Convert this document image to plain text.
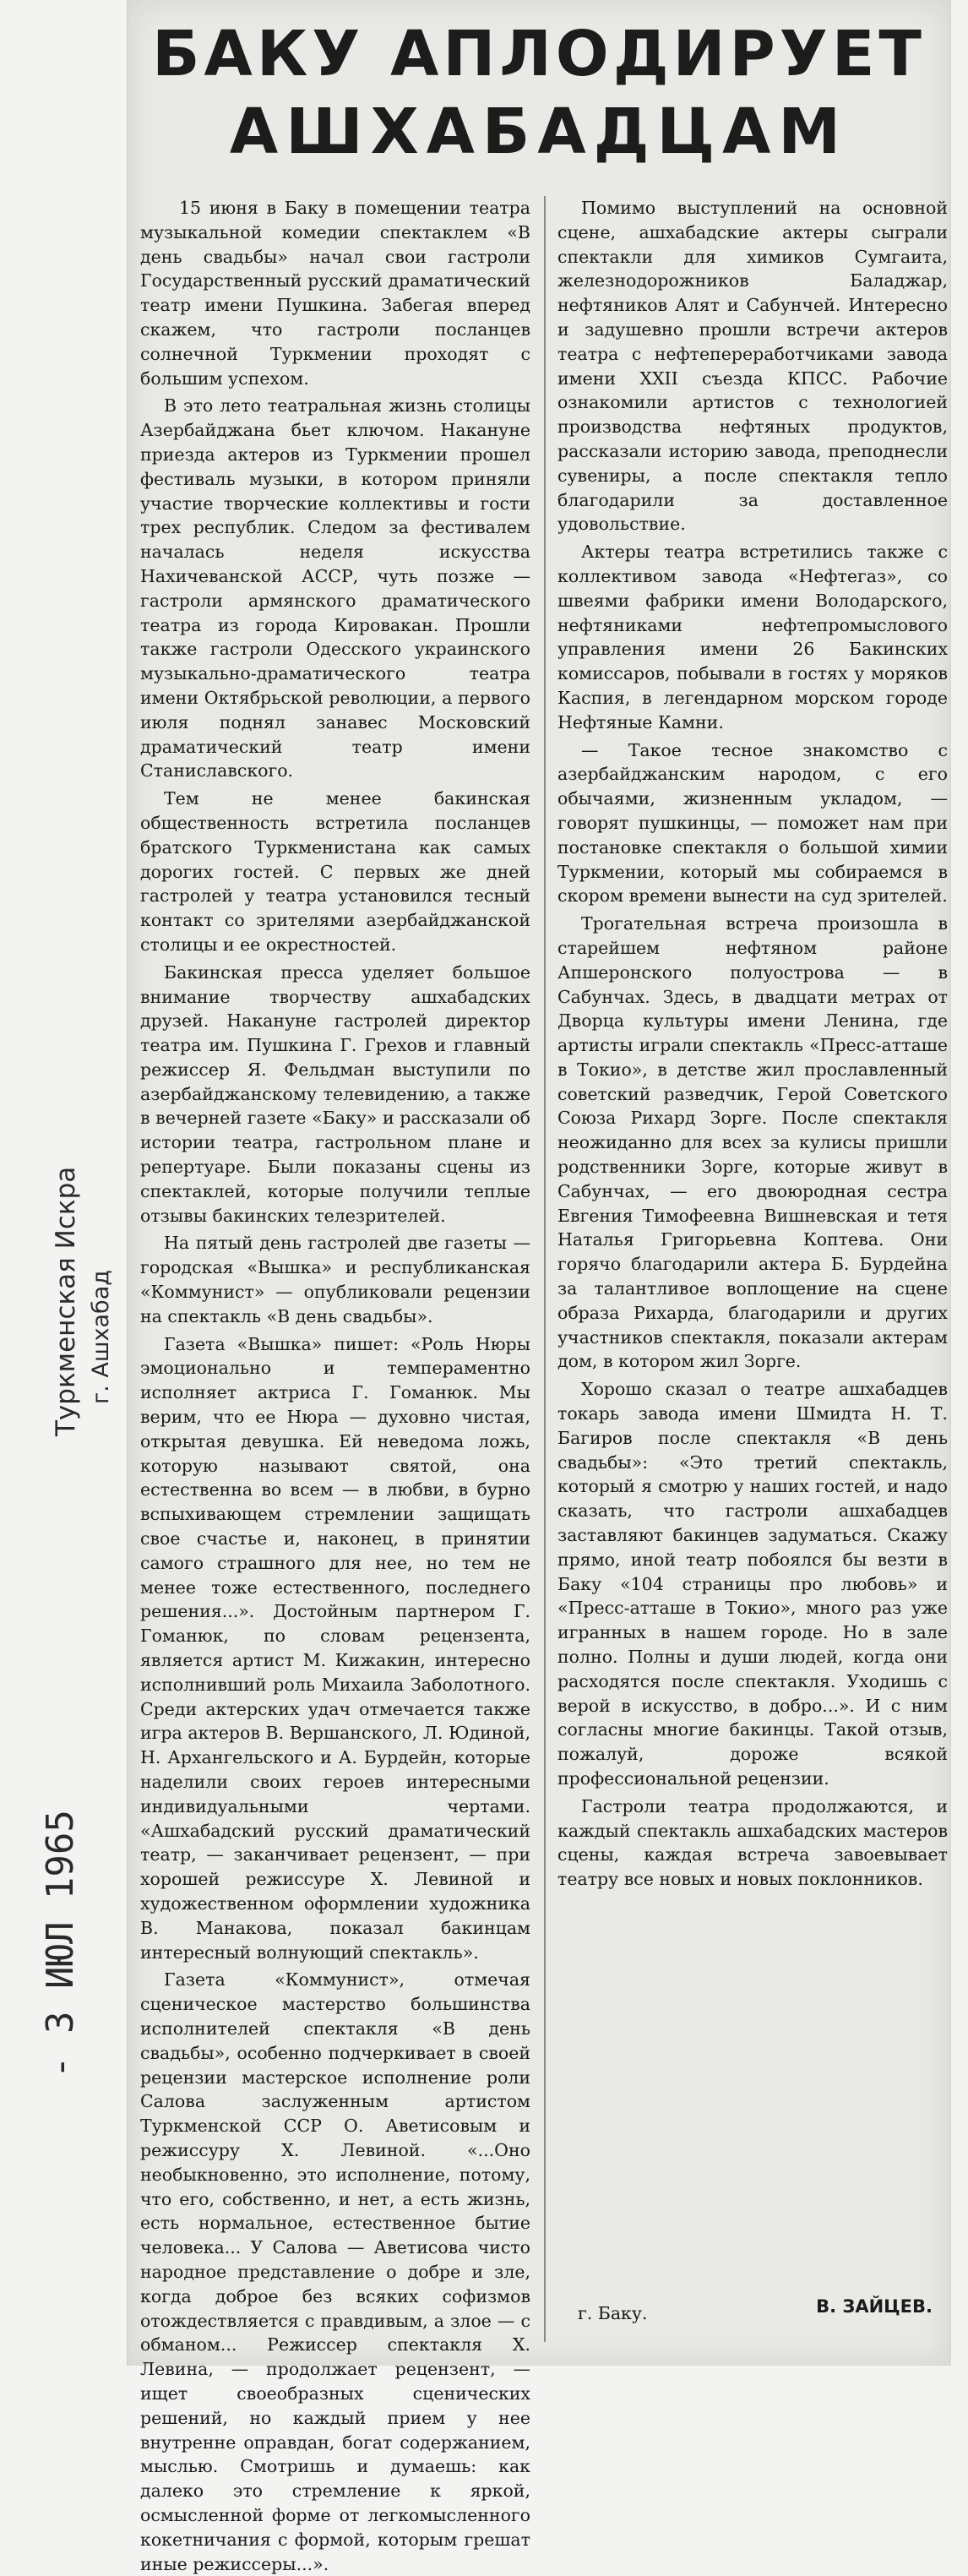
БАКУ АПЛОДИРУЕТ
АШХАБАДЦАМ

15 июня в Баку в помещении театра музыкальной комедии спектаклем «В день свадьбы» начал свои гастроли Государственный русский драматический театр имени Пушкина. Забегая вперед скажем, что гастроли посланцев солнечной Туркмении проходят с большим успехом.

В это лето театральная жизнь столицы Азербайджана бьет ключом. Накануне приезда актеров из Туркмении прошел фестиваль музыки, в котором приняли участие творческие коллективы и гости трех республик. Следом за фестивалем началась неделя искусства Нахичеванской АССР, чуть позже — гастроли армянского драматического театра из города Кировакан. Прошли также гастроли Одесского украинского музыкально-драматического театра имени Октябрьской революции, а первого июля поднял занавес Московский драматический театр имени Станиславского.

Тем не менее бакинская общественность встретила посланцев братского Туркменистана как самых дорогих гостей. С первых же дней гастролей у театра установился тесный контакт со зрителями азербайджанской столицы и ее окрестностей.

Бакинская пресса уделяет большое внимание творчеству ашхабадских друзей. Накануне гастролей директор театра им. Пушкина Г. Грехов и главный режиссер Я. Фельдман выступили по азербайджанскому телевидению, а также в вечерней газете «Баку» и рассказали об истории театра, гастрольном плане и репертуаре. Были показаны сцены из спектаклей, которые получили теплые отзывы бакинских телезрителей.

На пятый день гастролей две газеты — городская «Вышка» и республиканская «Коммунист» — опубликовали рецензии на спектакль «В день свадьбы».

Газета «Вышка» пишет: «Роль Нюры эмоционально и темпераментно исполняет актриса Г. Гоманюк. Мы верим, что ее Нюра — духовно чистая, открытая девушка. Ей неведома ложь, которую называют святой, она естественна во всем — в любви, в бурно вспыхивающем стремлении защищать свое счастье и, наконец, в принятии самого страшного для нее, но тем не менее тоже естественного, последнего решения...». Достойным партнером Г. Гоманюк, по словам рецензента, является артист М. Кижакин, интересно исполнивший роль Михаила Заболотного. Среди актерских удач отмечается также игра актеров В. Вершанского, Л. Юдиной, Н. Архангельского и А. Бурдейн, которые наделили своих героев интересными индивидуальными чертами. «Ашхабадский русский драматический театр, — заканчивает рецензент, — при хорошей режиссуре Х. Левиной и художественном оформлении художника В. Манакова, показал бакинцам интересный волнующий спектакль».

Газета «Коммунист», отмечая сценическое мастерство большинства исполнителей спектакля «В день свадьбы», особенно подчеркивает в своей рецензии мастерское исполнение роли Салова заслуженным артистом Туркменской ССР О. Аветисовым и режиссуру Х. Левиной. «...Оно необыкновенно, это исполнение, потому, что его, собственно, и нет, а есть жизнь, есть нормальное, естественное бытие человека... У Салова — Аветисова чисто народное представление о добре и зле, когда доброе без всяких софизмов отождествляется с правдивым, а злое — с обманом... Режиссер спектакля Х. Левина, — продолжает рецензент, — ищет своеобразных сценических решений, но каждый прием у нее внутренне оправдан, богат содержанием, мыслью. Смотришь и думаешь: как далеко это стремление к яркой, осмысленной форме от легкомысленного кокетничания с формой, которым грешат иные режиссеры...».

Помимо выступлений на основной сцене, ашхабадские актеры сыграли спектакли для химиков Сумгаита, железнодорожников Баладжар, нефтяников Алят и Сабунчей. Интересно и задушевно прошли встречи актеров театра с нефтепереработчиками завода имени XXII съезда КПСС. Рабочие ознакомили артистов с технологией производства нефтяных продуктов, рассказали историю завода, преподнесли сувениры, а после спектакля тепло благодарили за доставленное удовольствие.

Актеры театра встретились также с коллективом завода «Нефтегаз», со швеями фабрики имени Володарского, нефтяниками нефтепромыслового управления имени 26 Бакинских комиссаров, побывали в гостях у моряков Каспия, в легендарном морском городе Нефтяные Камни.

— Такое тесное знакомство с азербайджанским народом, с его обычаями, жизненным укладом, — говорят пушкинцы, — поможет нам при постановке спектакля о большой химии Туркмении, который мы собираемся в скором времени вынести на суд зрителей.

Трогательная встреча произошла в старейшем нефтяном районе Апшеронского полуострова — в Сабунчах. Здесь, в двадцати метрах от Дворца культуры имени Ленина, где артисты играли спектакль «Пресс-атташе в Токио», в детстве жил прославленный советский разведчик, Герой Советского Союза Рихард Зорге. После спектакля неожиданно для всех за кулисы пришли родственники Зорге, которые живут в Сабунчах, — его двоюродная сестра Евгения Тимофеевна Вишневская и тетя Наталья Григорьевна Коптева. Они горячо благодарили актера Б. Бурдейна за талантливое воплощение на сцене образа Рихарда, благодарили и других участников спектакля, показали актерам дом, в котором жил Зорге.

Хорошо сказал о театре ашхабадцев токарь завода имени Шмидта Н. Т. Багиров после спектакля «В день свадьбы»: «Это третий спектакль, который я смотрю у наших гостей, и надо сказать, что гастроли ашхабадцев заставляют бакинцев задуматься. Скажу прямо, иной театр побоялся бы везти в Баку «104 страницы про любовь» и «Пресс-атташе в Токио», много раз уже игранных в нашем городе. Но в зале полно. Полны и души людей, когда они расходятся после спектакля. Уходишь с верой в искусство, в добро...». И с ним согласны многие бакинцы. Такой отзыв, пожалуй, дороже всякой профессиональной рецензии.

Гастроли театра продолжаются, и каждый спектакль ашхабадских мастеров сцены, каждая встреча завоевывает театру все новых и новых поклонников.

г. Баку.	В. ЗАЙЦЕВ.
Туркменская Искра г. Ашхабад
- 3 ИЮЛ 1965
